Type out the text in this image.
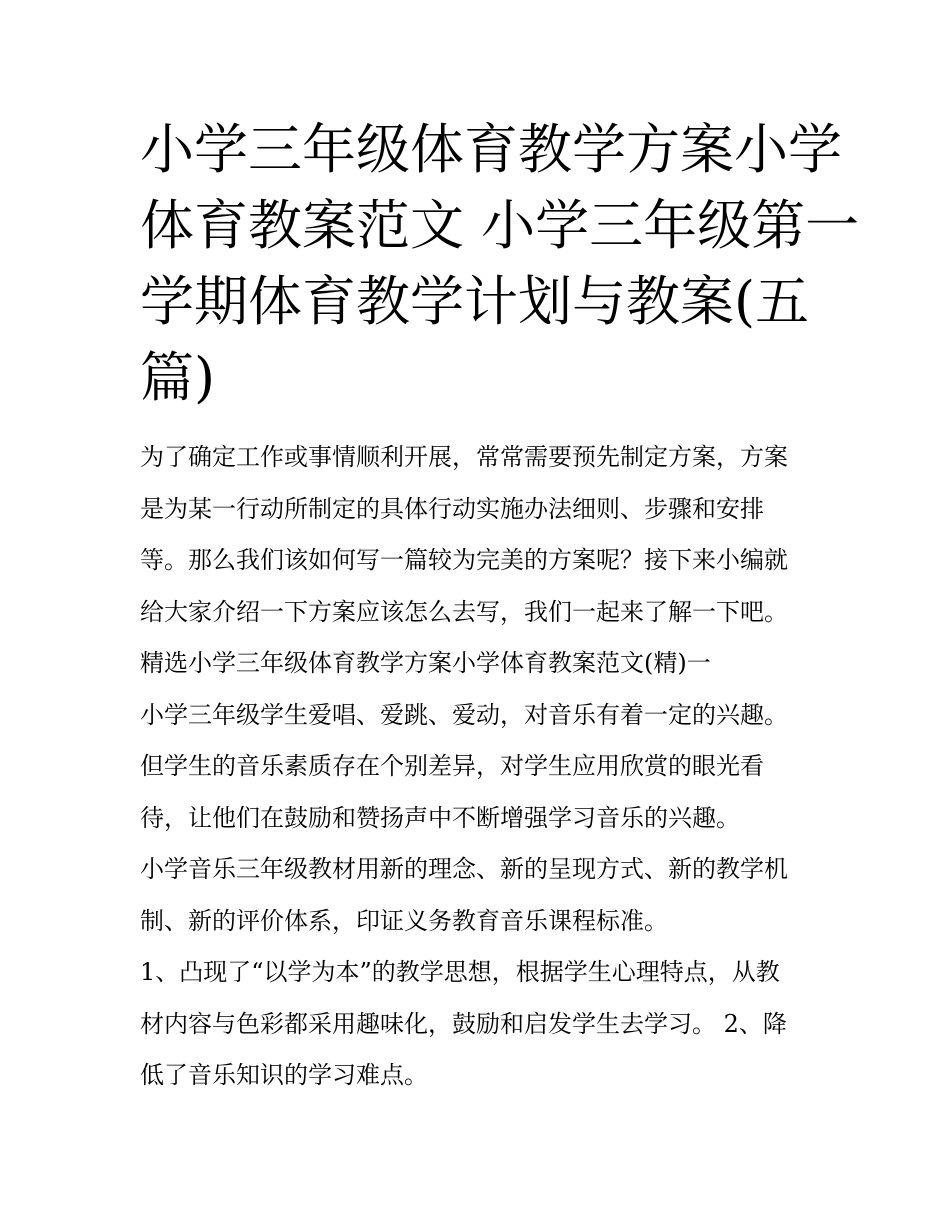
小学三年级体育教学方案小学
体育教案范文 小学三年级第一
学期体育教学计划与教案(五
篇)
为了确定工作或事情顺利开展，常常需要预先制定方案，方案
是为某一行动所制定的具体行动实施办法细则、步骤和安排
等。那么我们该如何写一篇较为完美的方案呢？接下来小编就
给大家介绍一下方案应该怎么去写，我们一起来了解一下吧。
精选小学三年级体育教学方案小学体育教案范文(精)一
小学三年级学生爱唱、爱跳、爱动，对音乐有着一定的兴趣。
但学生的音乐素质存在个别差异，对学生应用欣赏的眼光看
待，让他们在鼓励和赞扬声中不断增强学习音乐的兴趣。
小学音乐三年级教材用新的理念、新的呈现方式、新的教学机
制、新的评价体系，印证义务教育音乐课程标准。
1、凸现了“以学为本”的教学思想，根据学生心理特点，从教
材内容与色彩都采用趣味化，鼓励和启发学生去学习。 2、降
低了音乐知识的学习难点。
